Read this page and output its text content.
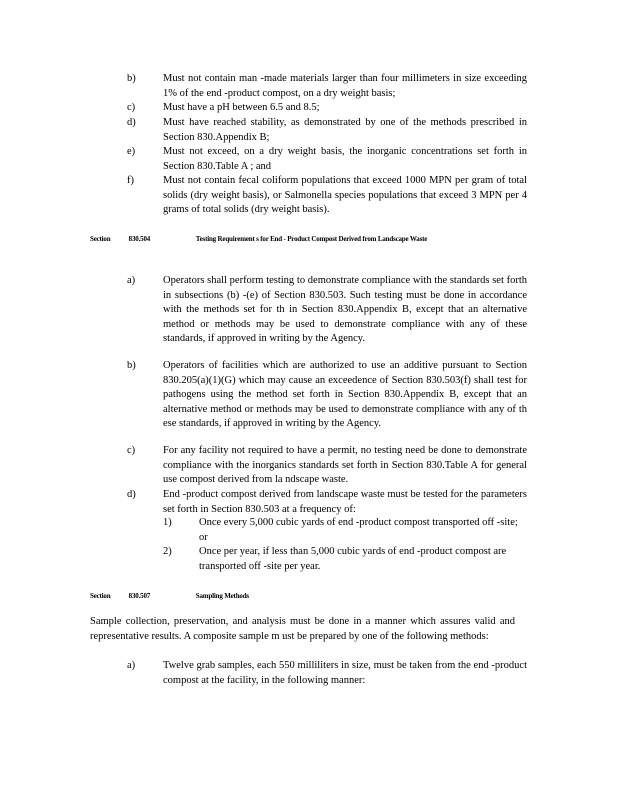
b)	Must not contain man -made materials larger than four millimeters in size exceeding 1% of the end -product compost, on a dry weight basis;
c)	Must have a pH between 6.5 and 8.5;
d)	Must have reached stability, as demonstrated by one of the methods prescribed in Section 830.Appendix B;
e)	Must not exceed, on a dry weight basis, the inorganic concentrations set forth in Section 830.Table A ; and
f)	Must not contain fecal coliform populations that exceed 1000 MPN per gram of total solids (dry weight basis), or Salmonella species populations that exceed 3 MPN per 4 grams of total solids (dry weight basis).
Section 830.504	Testing Requirement s for End - Product Compost Derived from Landscape Waste
a)	Operators shall perform testing to demonstrate compliance with the standards set forth in subsections (b) -(e) of Section 830.503. Such testing must be done in accordance with the methods set for th in Section 830.Appendix B, except that an alternative method or methods may be used to demonstrate compliance with any of these standards, if approved in writing by the Agency.
b)	Operators of facilities which are authorized to use an additive pursuant to Section 830.205(a)(1)(G) which may cause an exceedence of Section 830.503(f) shall test for pathogens using the method set forth in Section 830.Appendix B, except that an alternative method or methods may be used to demonstrate compliance with any of th ese standards, if approved in writing by the Agency.
c)	For any facility not required to have a permit, no testing need be done to demonstrate compliance with the inorganics standards set forth in Section 830.Table A for general use compost derived from la ndscape waste.
d)	End -product compost derived from landscape waste must be tested for the parameters set forth in Section 830.503 at a frequency of:
1)	Once every 5,000 cubic yards of end -product compost transported off -site; or
2)	Once per year, if less than 5,000 cubic yards of end -product compost are transported off -site per year.
Section 830.507	Sampling Methods
Sample collection, preservation, and analysis must be done in a manner which assures valid and representative results. A composite sample m ust be prepared by one of the following methods:
a)	Twelve grab samples, each 550 milliliters in size, must be taken from the end -product compost at the facility, in the following manner:
